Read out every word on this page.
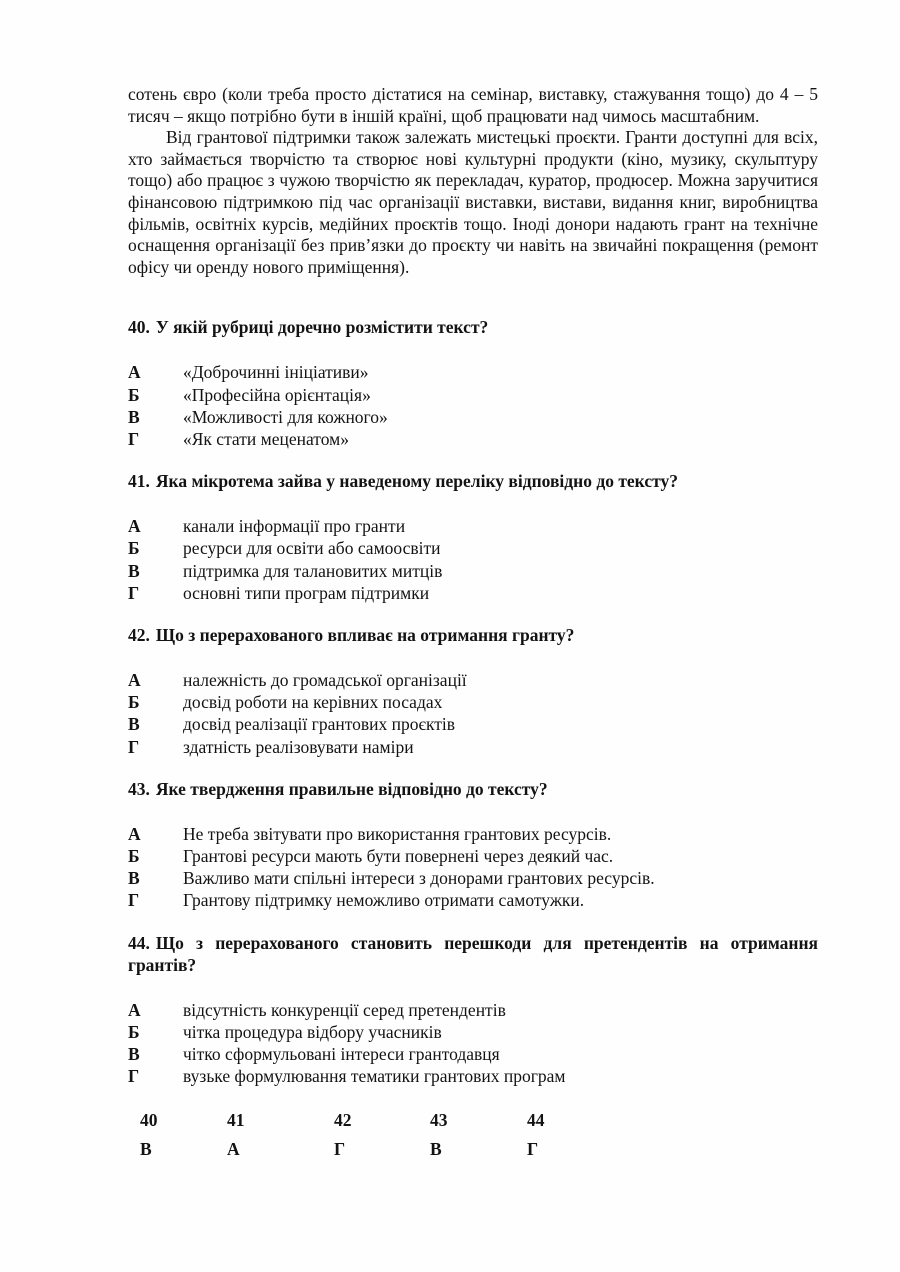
сотень євро (коли треба просто дістатися на семінар, виставку, стажування тощо) до 4 – 5 тисяч – якщо потрібно бути в іншій країні, щоб працювати над чимось масштабним.

Від грантової підтримки також залежать мистецькі проєкти. Гранти доступні для всіх, хто займається творчістю та створює нові культурні продукти (кіно, музику, скульптуру тощо) або працює з чужою творчістю як перекладач, куратор, продюсер. Можна заручитися фінансовою підтримкою під час організації виставки, вистави, видання книг, виробництва фільмів, освітніх курсів, медійних проєктів тощо. Іноді донори надають грант на технічне оснащення організації без прив’язки до проєкту чи навіть на звичайні покращення (ремонт офісу чи оренду нового приміщення).

40. У якій рубриці доречно розмістити текст?

А	«Доброчинні ініціативи»
Б	«Професійна орієнтація»
В	«Можливості для кожного»
Г	«Як стати меценатом»

41. Яка мікротема зайва у наведеному переліку відповідно до тексту?

А	канали інформації про гранти
Б	ресурси для освіти або самоосвіти
В	підтримка для талановитих митців
Г	основні типи програм підтримки

42. Що з перерахованого впливає на отримання гранту?

А	належність до громадської організації
Б	досвід роботи на керівних посадах
В	досвід реалізації грантових проєктів
Г	здатність реалізовувати наміри

43. Яке твердження правильне відповідно до тексту?

А	Не треба звітувати про використання грантових ресурсів.
Б	Грантові ресурси мають бути повернені через деякий час.
В	Важливо мати спільні інтереси з донорами грантових ресурсів.
Г	Грантову підтримку неможливо отримати самотужки.

44. Що з перерахованого становить перешкоди для претендентів на отримання грантів?

А	відсутність конкуренції серед претендентів
Б	чітка процедура відбору учасників
В	чітко сформульовані інтереси грантодавця
Г	вузьке формулювання тематики грантових програм
40	41	42	43	44
В	А	Г	В	Г
